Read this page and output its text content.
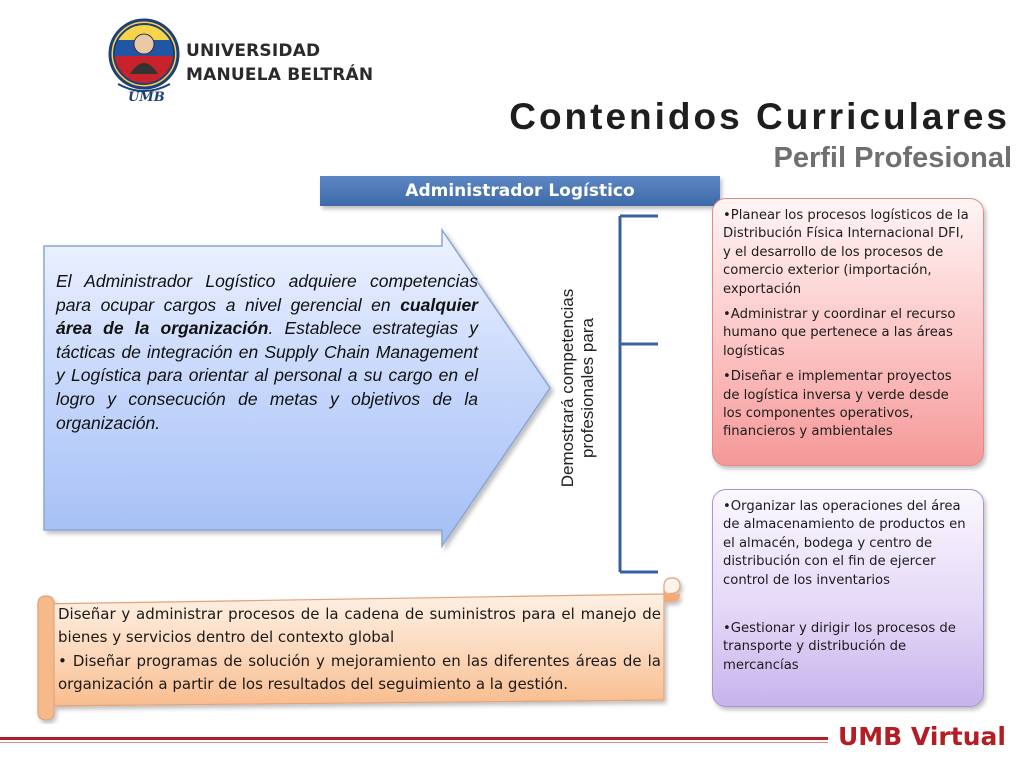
UNIVERSIDAD
MANUELA BELTRÁN
UMB	Contenidos Curriculares
Perfil Profesional
Administrador Logístico
El Administrador Logístico adquiere competencias para ocupar cargos a nivel gerencial en cualquier área de la organización. Establece estrategias y tácticas de integración en Supply Chain Management y Logística para orientar al personal a su cargo en el logro y consecución de metas y objetivos de la organización.	Demostrará competencias profesionales para

•Planear los procesos logísticos de la Distribución Física Internacional DFI, y el desarrollo de los procesos de comercio exterior (importación, exportación

•Administrar y coordinar el recurso humano que pertenece a las áreas logísticas

•Diseñar e implementar proyectos de logística inversa y verde desde los componentes operativos, financieros y ambientales

•Organizar las operaciones del área de almacenamiento de productos en el almacén, bodega y centro de distribución con el fin de ejercer control de los inventarios

•Gestionar y dirigir los procesos de transporte y distribución de mercancías

Diseñar y administrar procesos de la cadena de suministros para el manejo de bienes y servicios dentro del contexto global
• Diseñar programas de solución y mejoramiento en las diferentes áreas de la organización a partir de los resultados del seguimiento a la gestión.
UMB Virtual
